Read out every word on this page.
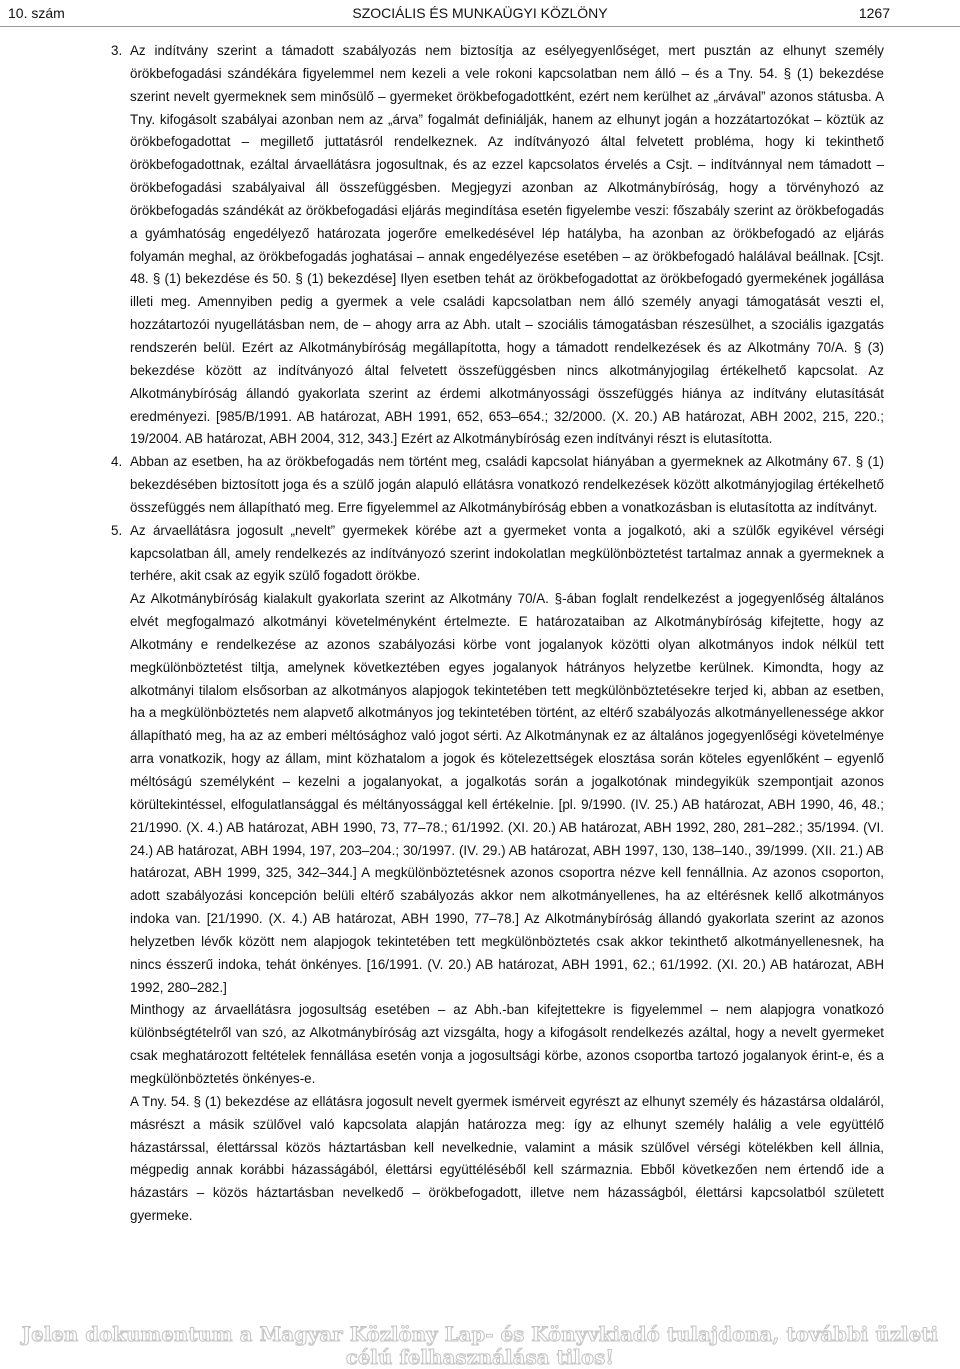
10. szám	SZOCIÁLIS ÉS MUNKAÜGYI KÖZLÖNY	1267
3. Az indítvány szerint a támadott szabályozás nem biztosítja az esélyegyenlőséget, mert pusztán az elhunyt személy örökbefogadási szándékára figyelemmel nem kezeli a vele rokoni kapcsolatban nem álló – és a Tny. 54. § (1) bekezdése szerint nevelt gyermeknek sem minősülő – gyermeket örökbefogadottként, ezért nem kerülhet az „árvával” azonos státusba. A Tny. kifogásolt szabályai azonban nem az „árva” fogalmát definiálják, hanem az elhunyt jogán a hozzátartozókat – köztük az örökbefogadottat – megillető juttatásról rendelkeznek. Az indítványozó által felvetett probléma, hogy ki tekinthető örökbefogadottnak, ezáltal árvaellátásra jogosultnak, és az ezzel kapcsolatos érvelés a Csjt. – indítvánnyal nem támadott – örökbefogadási szabályaival áll összefüggésben. Megjegyzi azonban az Alkotmánybíróság, hogy a törvényhozó az örökbefogadás szándékát az örökbefogadási eljárás megindítása esetén figyelembe veszi: főszabály szerint az örökbefogadás a gyámhatóság engedélyező határozata jogerőre emelkedésével lép hatályba, ha azonban az örökbefogadó az eljárás folyamán meghal, az örökbefogadás joghatásai – annak engedélyezése esetében – az örökbefogadó halálával beállnak. [Csjt. 48. § (1) bekezdése és 50. § (1) bekezdése] Ilyen esetben tehát az örökbefogadottat az örökbefogadó gyermekének jogállása illeti meg. Amennyiben pedig a gyermek a vele családi kapcsolatban nem álló személy anyagi támogatását veszti el, hozzátartozói nyugellátásban nem, de – ahogy arra az Abh. utalt – szociális támogatásban részesülhet, a szociális igazgatás rendszerén belül. Ezért az Alkotmánybíróság megállapította, hogy a támadott rendelkezések és az Alkotmány 70/A. § (3) bekezdése között az indítványozó által felvetett összefüggésben nincs alkotmányjogilag értékelhető kapcsolat. Az Alkotmánybíróság állandó gyakorlata szerint az érdemi alkotmányossági összefüggés hiánya az indítvány elutasítását eredményezi. [985/B/1991. AB határozat, ABH 1991, 652, 653–654.; 32/2000. (X. 20.) AB határozat, ABH 2002, 215, 220.; 19/2004. AB határozat, ABH 2004, 312, 343.] Ezért az Alkotmánybíróság ezen indítványi részt is elutasította.

4. Abban az esetben, ha az örökbefogadás nem történt meg, családi kapcsolat hiányában a gyermeknek az Alkotmány 67. § (1) bekezdésében biztosított joga és a szülő jogán alapuló ellátásra vonatkozó rendelkezések között alkotmányjogilag értékelhető összefüggés nem állapítható meg. Erre figyelemmel az Alkotmánybíróság ebben a vonatkozásban is elutasította az indítványt.

5. Az árvaellátásra jogosult „nevelt” gyermekek körébe azt a gyermeket vonta a jogalkotó, aki a szülők egyikével vérségi kapcsolatban áll, amely rendelkezés az indítványozó szerint indokolatlan megkülönböztetést tartalmaz annak a gyermeknek a terhére, akit csak az egyik szülő fogadott örökbe.

Az Alkotmánybíróság kialakult gyakorlata szerint az Alkotmány 70/A. §-ában foglalt rendelkezést a jogegyenlőség általános elvét megfogalmazó alkotmányi követelményként értelmezte. E határozataiban az Alkotmánybíróság kifejtette, hogy az Alkotmány e rendelkezése az azonos szabályozási körbe vont jogalanyok közötti olyan alkotmányos indok nélkül tett megkülönböztetést tiltja, amelynek következtében egyes jogalanyok hátrányos helyzetbe kerülnek. Kimondta, hogy az alkotmányi tilalom elsősorban az alkotmányos alapjogok tekintetében tett megkülönböztetésekre terjed ki, abban az esetben, ha a megkülönböztetés nem alapvető alkotmányos jog tekintetében történt, az eltérő szabályozás alkotmányellenessége akkor állapítható meg, ha az az emberi méltósághoz való jogot sérti. Az Alkotmánynak ez az általános jogegyenlőségi követelménye arra vonatkozik, hogy az állam, mint közhatalom a jogok és kötelezettségek elosztása során köteles egyenlőként – egyenlő méltóságú személyként – kezelni a jogalanyokat, a jogalkotás során a jogalkotónak mindegyikük szempontjait azonos körültekintéssel, elfogulatlansággal és méltányossággal kell értékelnie. [pl. 9/1990. (IV. 25.) AB határozat, ABH 1990, 46, 48.; 21/1990. (X. 4.) AB határozat, ABH 1990, 73, 77–78.; 61/1992. (XI. 20.) AB határozat, ABH 1992, 280, 281–282.; 35/1994. (VI. 24.) AB határozat, ABH 1994, 197, 203–204.; 30/1997. (IV. 29.) AB határozat, ABH 1997, 130, 138–140., 39/1999. (XII. 21.) AB határozat, ABH 1999, 325, 342–344.] A megkülönböztetésnek azonos csoportra nézve kell fennállnia. Az azonos csoporton, adott szabályozási koncepción belüli eltérő szabályozás akkor nem alkotmányellenes, ha az eltérésnek kellő alkotmányos indoka van. [21/1990. (X. 4.) AB határozat, ABH 1990, 77–78.] Az Alkotmánybíróság állandó gyakorlata szerint az azonos helyzetben lévők között nem alapjogok tekintetében tett megkülönböztetés csak akkor tekinthető alkotmányellenesnek, ha nincs ésszerű indoka, tehát önkényes. [16/1991. (V. 20.) AB határozat, ABH 1991, 62.; 61/1992. (XI. 20.) AB határozat, ABH 1992, 280–282.]

Minthogy az árvaellátásra jogosultság esetében – az Abh.-ban kifejtettekre is figyelemmel – nem alapjogra vonatkozó különbségtételről van szó, az Alkotmánybíróság azt vizsgálta, hogy a kifogásolt rendelkezés azáltal, hogy a nevelt gyermeket csak meghatározott feltételek fennállása esetén vonja a jogosultsági körbe, azonos csoportba tartozó jogalanyok érint-e, és a megkülönböztetés önkényes-e.

A Tny. 54. § (1) bekezdése az ellátásra jogosult nevelt gyermek ismérveit egyrészt az elhunyt személy és házastársa oldaláról, másrészt a másik szülővel való kapcsolata alapján határozza meg: így az elhunyt személy halálig a vele együttélő házastárssal, élettárssal közös háztartásban kell nevelkednie, valamint a másik szülővel vérségi kötelékben kell állnia, mégpedig annak korábbi házasságából, élettársi együttéléséből kell származnia. Ebből következően nem értendő ide a házastárs – közös háztartásban nevelkedő – örökbefogadott, illetve nem házasságból, élettársi kapcsolatból született gyermeke.

Jelen dokumentum a Magyar Közlöny Lap- és Könyvkiadó tulajdona, további üzleti célú felhasználása tilos!
